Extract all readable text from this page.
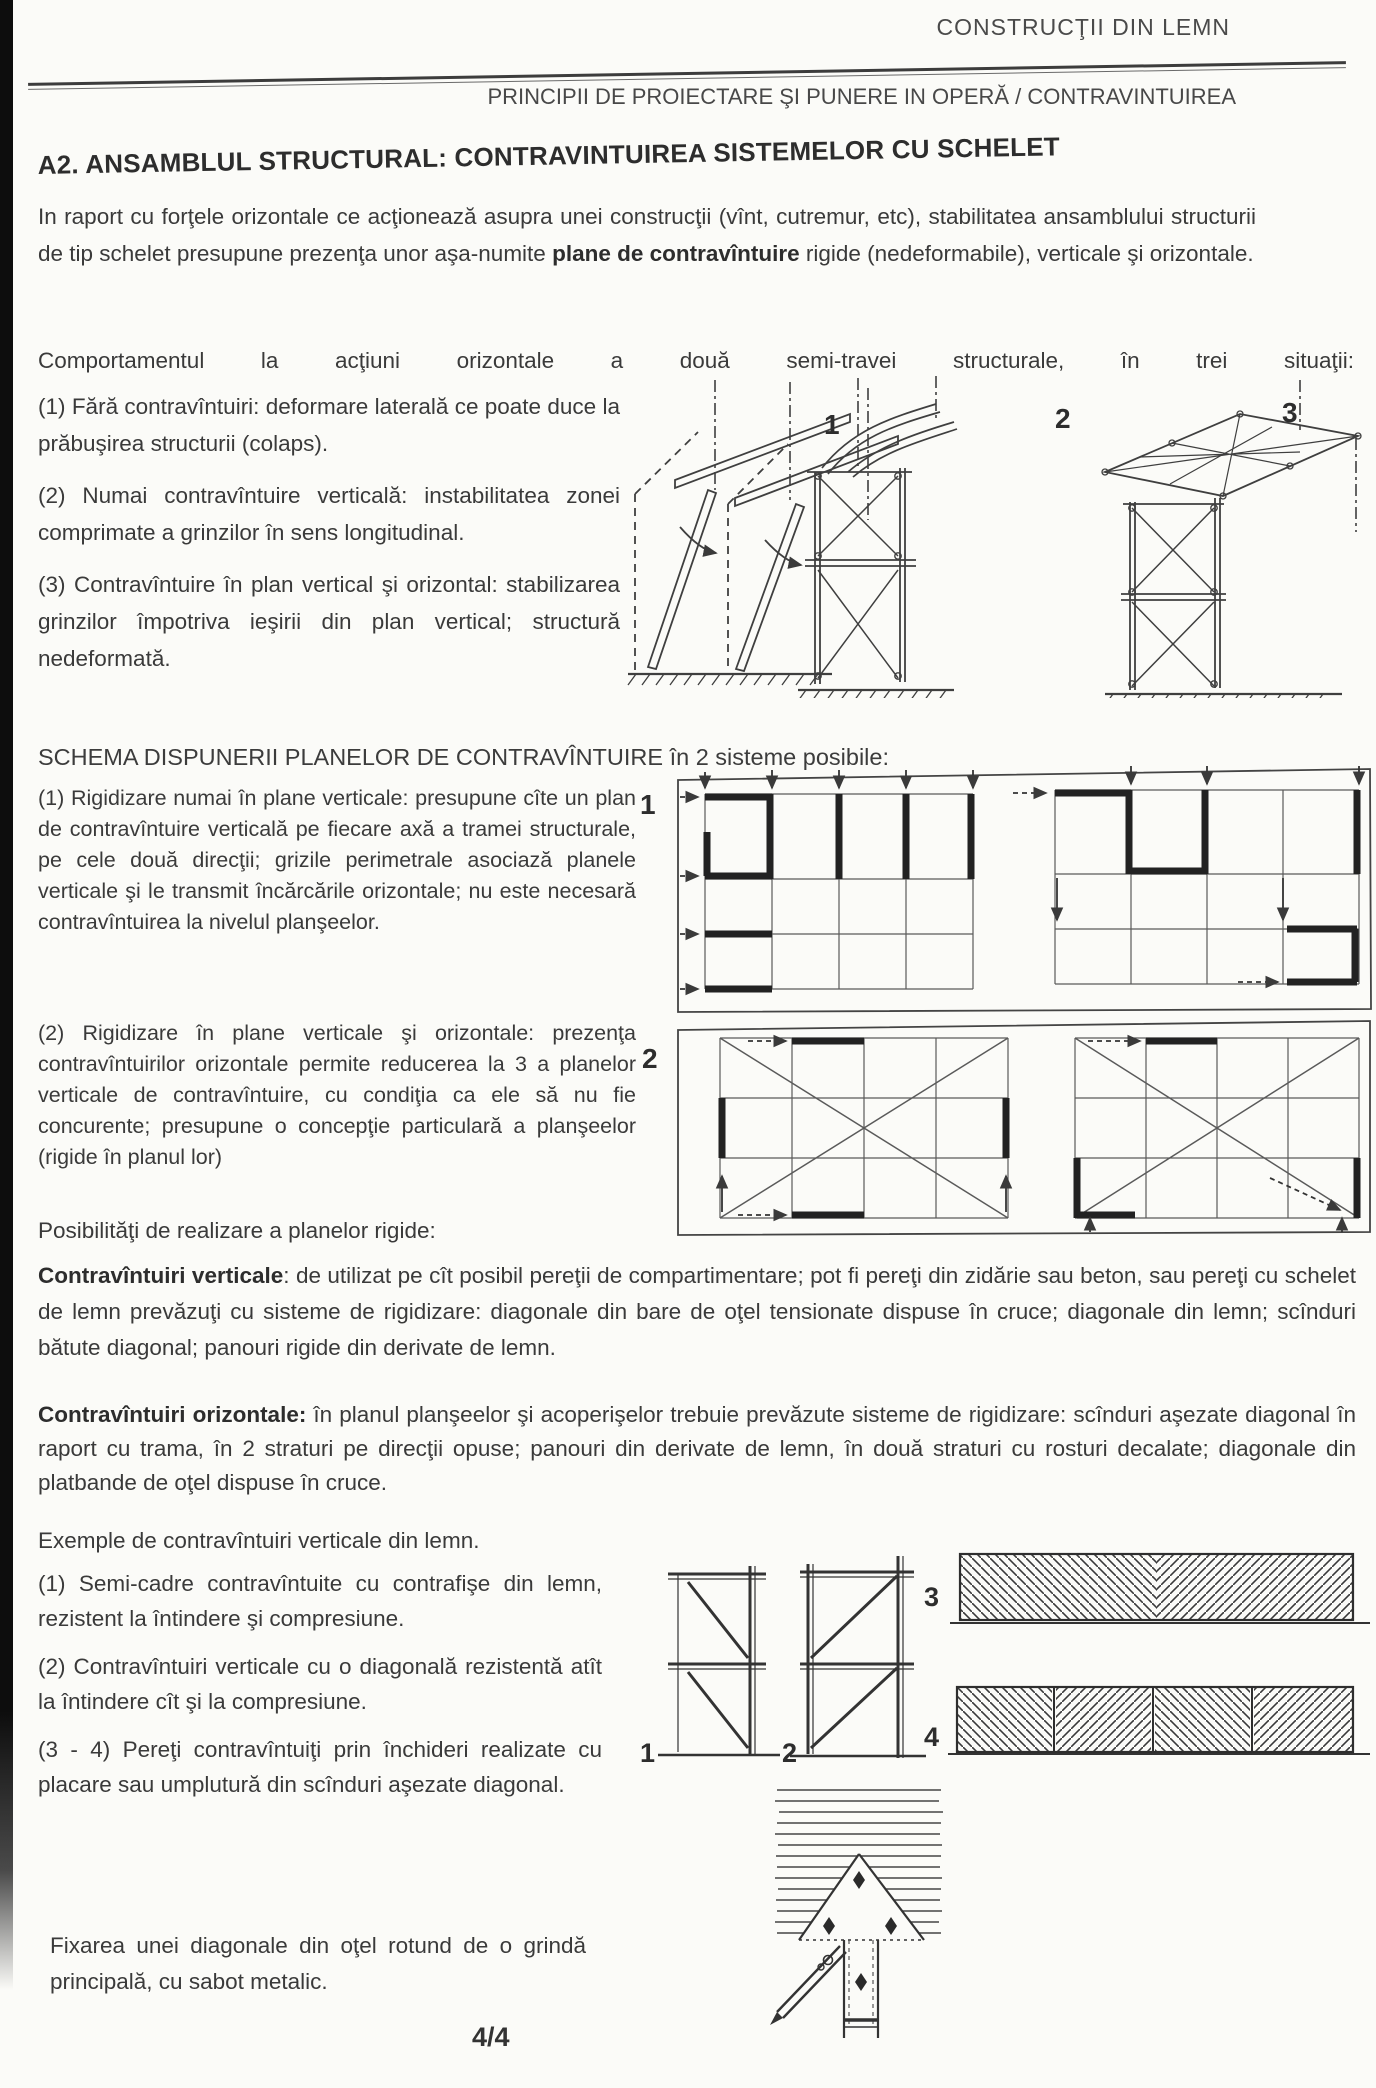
CONSTRUCŢII DIN LEMN
PRINCIPII DE PROIECTARE ŞI PUNERE IN OPERĂ / CONTRAVINTUIREA
A2. ANSAMBLUL STRUCTURAL: CONTRAVINTUIREA SISTEMELOR CU SCHELET
In raport cu forţele orizontale ce acţionează asupra unei construcţii (vînt, cutremur, etc), stabilitatea ansamblului structurii de tip schelet presupune prezenţa unor aşa-numite plane de contravîntuire rigide (nedeformabile), verticale şi orizontale.
Comportamentul la acţiuni orizontale a două semi-travei structurale, în trei situaţii:
(1) Fără contravîntuiri: deformare laterală ce poate duce la prăbuşirea structurii (colaps).
(2) Numai contravîntuire verticală: instabilitatea zonei comprimate a grinzilor în sens longitudinal.
(3) Contravîntuire în plan vertical şi orizontal: stabilizarea grinzilor împotriva ieşirii din plan vertical; structură nedeformată.
1	2	3
SCHEMA DISPUNERII PLANELOR DE CONTRAVÎNTUIRE în 2 sisteme posibile:
(1) Rigidizare numai în plane verticale: presupune cîte un plan de contravîntuire verticală pe fiecare axă a tramei structurale, pe cele două direcţii; grizile perimetrale asociază planele verticale şi le transmit încărcările orizontale; nu este necesară contravîntuirea la nivelul planşeelor.
(2) Rigidizare în plane verticale şi orizontale: prezenţa contravîntuirilor orizontale permite reducerea la 3 a planelor verticale de contravîntuire, cu condiţia ca ele să nu fie concurente; presupune o concepţie particulară a planşeelor (rigide în planul lor)
Posibilităţi de realizare a planelor rigide:
1
2
Contravîntuiri verticale: de utilizat pe cît posibil pereţii de compartimentare; pot fi pereţi din zidărie sau beton, sau pereţi cu schelet de lemn prevăzuţi cu sisteme de rigidizare: diagonale din bare de oţel tensionate dispuse în cruce; diagonale din lemn; scînduri bătute diagonal; panouri rigide din derivate de lemn.
Contravîntuiri orizontale: în planul planşeelor şi acoperişelor trebuie prevăzute sisteme de rigidizare: scînduri aşezate diagonal în raport cu trama, în 2 straturi pe direcţii opuse; panouri din derivate de lemn, în două straturi cu rosturi decalate; diagonale din platbande de oţel dispuse în cruce.
Exemple de contravîntuiri verticale din lemn.
(1) Semi-cadre contravîntuite cu contrafişe din lemn, rezistent la întindere şi compresiune.
(2) Contravîntuiri verticale cu o diagonală rezistentă atît la întindere cît şi la compresiune.
(3 - 4) Pereţi contravîntuiţi prin închideri realizate cu placare sau umplutură din scînduri aşezate diagonal.
1	2
3
4
Fixarea unei diagonale din oţel rotund de o grindă principală, cu sabot metalic.
4/4
